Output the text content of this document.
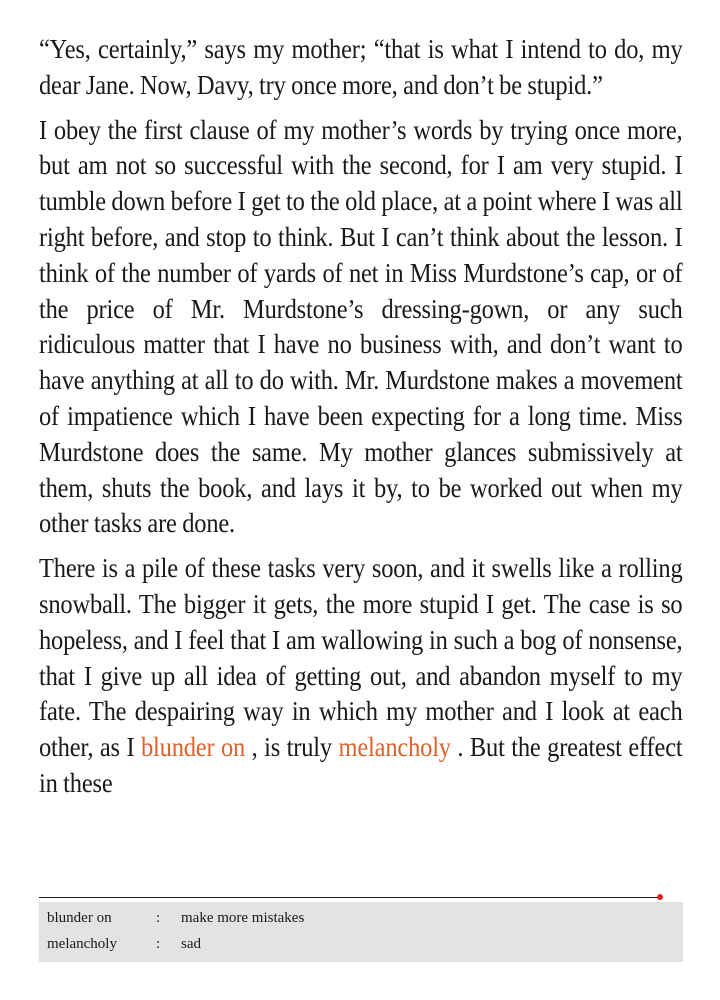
“Yes, certainly,” says my mother; “that is what I intend to do, my dear Jane. Now, Davy, try once more, and don’t be stupid.”

I obey the first clause of my mother’s words by trying once more, but am not so successful with the second, for I am very stupid. I tumble down before I get to the old place, at a point where I was all right before, and stop to think. But I can’t think about the lesson. I think of the number of yards of net in Miss Murdstone’s cap, or of the price of Mr. Murdstone’s dressing-gown, or any such ridiculous matter that I have no business with, and don’t want to have anything at all to do with. Mr. Murdstone makes a movement of impatience which I have been expecting for a long time. Miss Murdstone does the same. My mother glances submissively at them, shuts the book, and lays it by, to be worked out when my other tasks are done.

There is a pile of these tasks very soon, and it swells like a rolling snowball. The bigger it gets, the more stupid I get. The case is so hopeless, and I feel that I am wallowing in such a bog of nonsense, that I give up all idea of getting out, and abandon myself to my fate. The despairing way in which my mother and I look at each other, as I blunder on , is truly melancholy . But the greatest effect in these

blunder on	: make more mistakes
melancholy	: sad
